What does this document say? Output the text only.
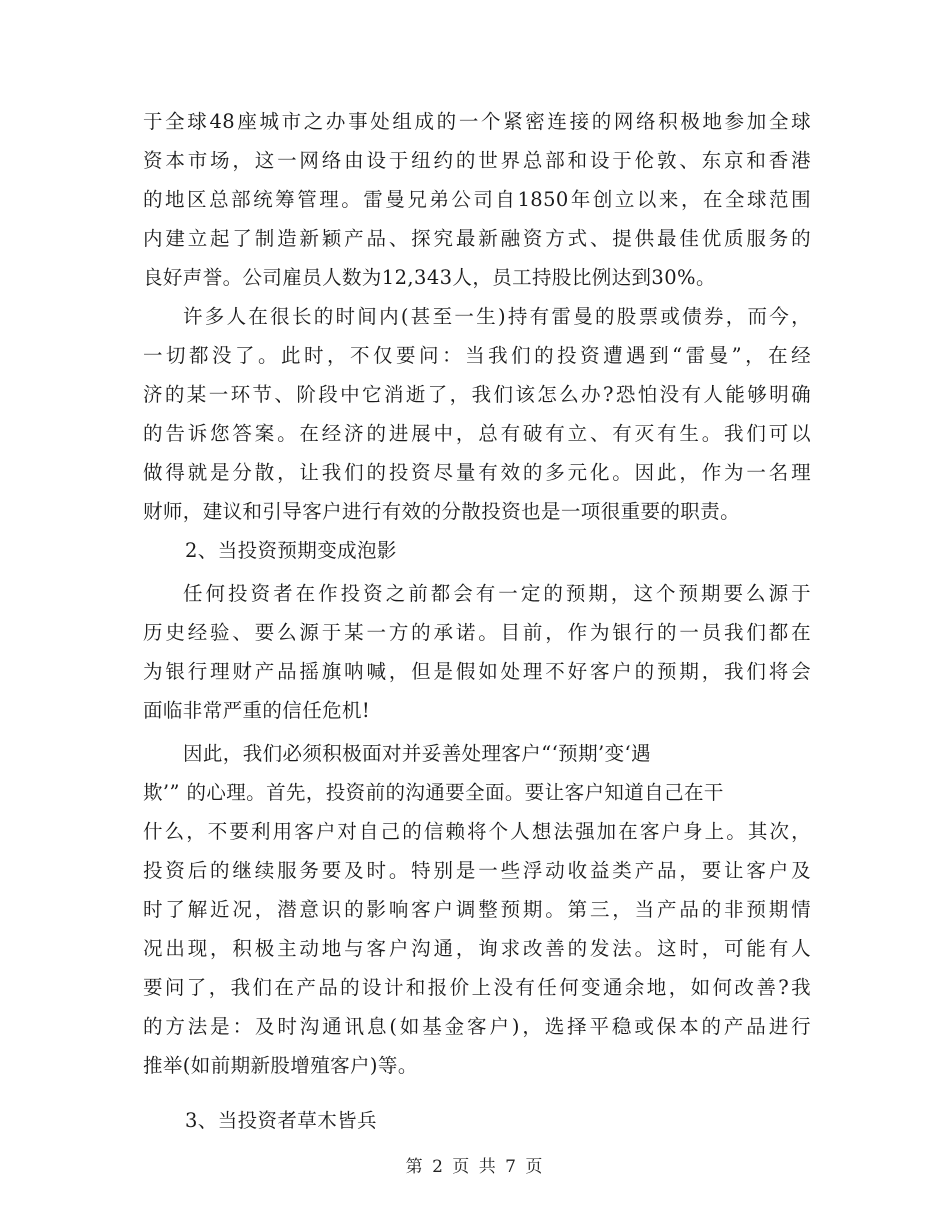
于全球48座城市之办事处组成的一个紧密连接的网络积极地参加全球
资本市场，这一网络由设于纽约的世界总部和设于伦敦、东京和香港
的地区总部统筹管理。雷曼兄弟公司自1850年创立以来，在全球范围
内建立起了制造新颖产品、探究最新融资方式、提供最佳优质服务的
良好声誉。公司雇员人数为12,343人，员工持股比例达到30%。
许多人在很长的时间内(甚至一生)持有雷曼的股票或债券，而今，
一切都没了。此时，不仅要问：当我们的投资遭遇到“雷曼”，在经
济的某一环节、阶段中它消逝了，我们该怎么办?恐怕没有人能够明确
的告诉您答案。在经济的进展中，总有破有立、有灭有生。我们可以
做得就是分散，让我们的投资尽量有效的多元化。因此，作为一名理
财师，建议和引导客户进行有效的分散投资也是一项很重要的职责。
2、当投资预期变成泡影
任何投资者在作投资之前都会有一定的预期，这个预期要么源于
历史经验、要么源于某一方的承诺。目前，作为银行的一员我们都在
为银行理财产品摇旗呐喊，但是假如处理不好客户的预期，我们将会
面临非常严重的信任危机!
因此，我们必须积极面对并妥善处理客户“‘预期’变‘遇
欺’” 的心理。首先，投资前的沟通要全面。要让客户知道自己在干
什么，不要利用客户对自己的信赖将个人想法强加在客户身上。其次，
投资后的继续服务要及时。特别是一些浮动收益类产品，要让客户及
时了解近况，潜意识的影响客户调整预期。第三，当产品的非预期情
况出现，积极主动地与客户沟通，询求改善的发法。这时，可能有人
要问了，我们在产品的设计和报价上没有任何变通余地，如何改善?我
的方法是：及时沟通讯息(如基金客户)，选择平稳或保本的产品进行
推举(如前期新股增殖客户)等。
3、当投资者草木皆兵
第 2 页 共 7 页
